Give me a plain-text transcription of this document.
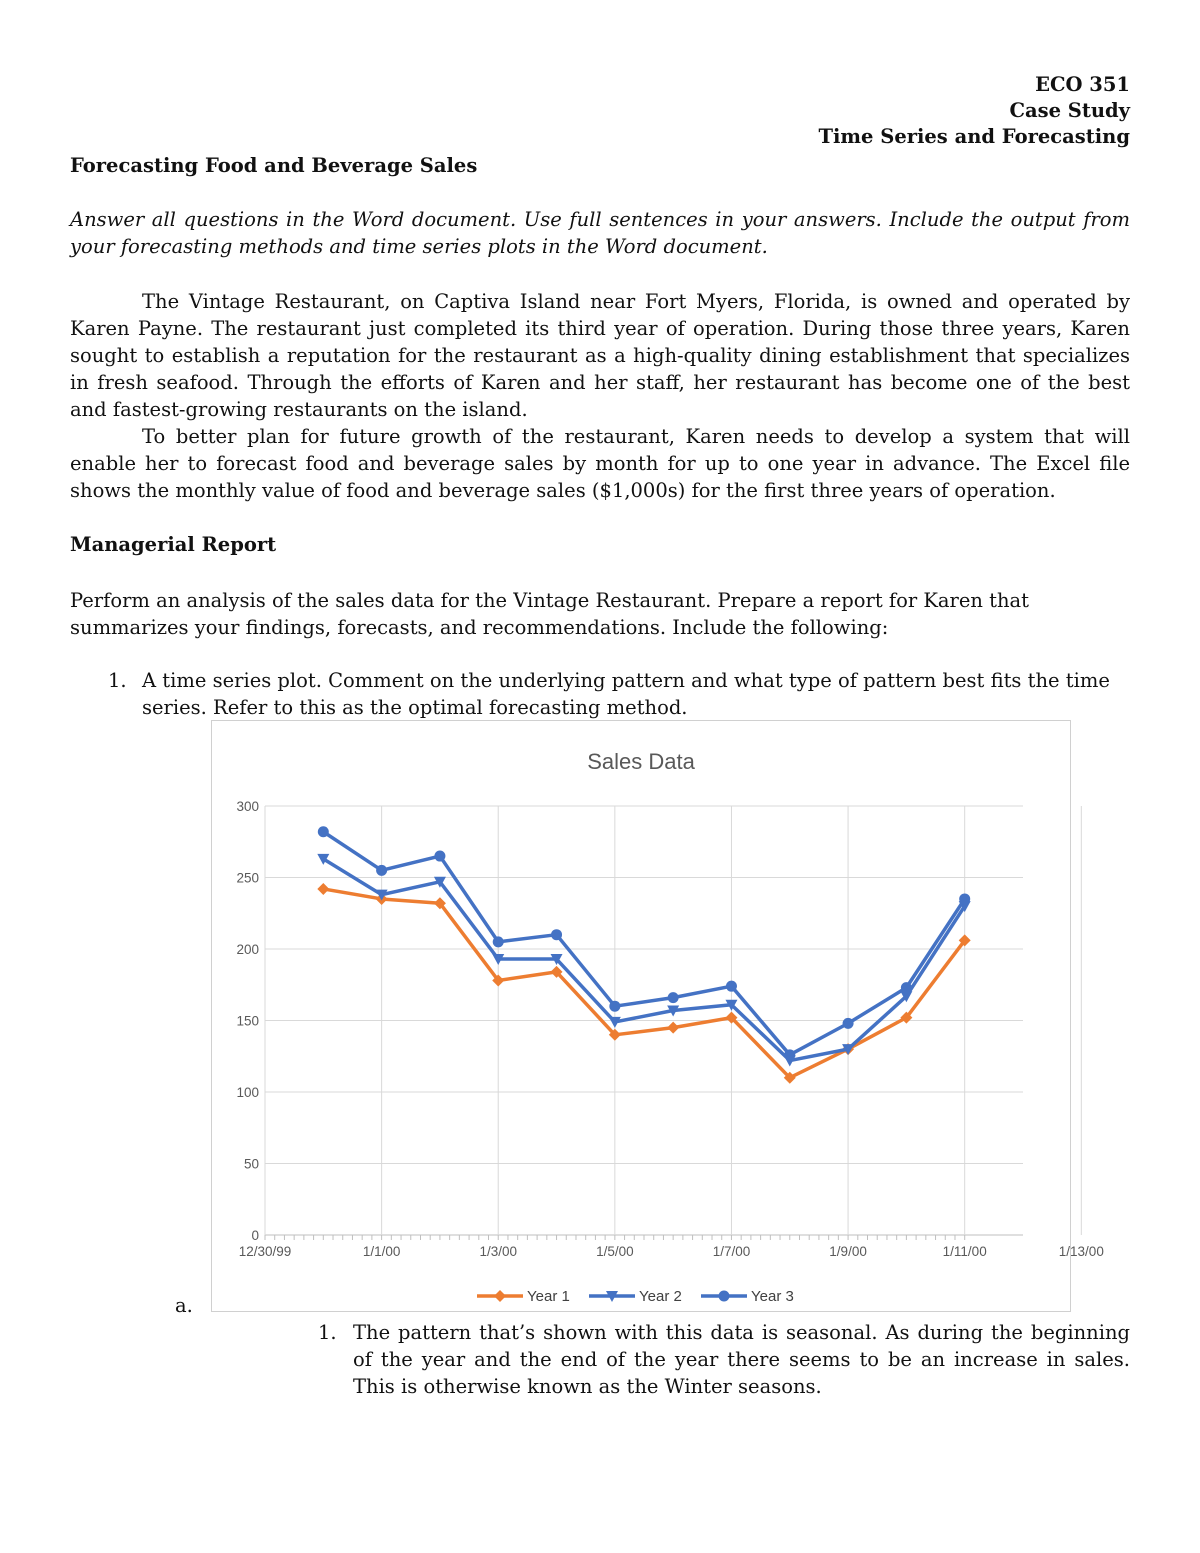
ECO 351
Case Study
Time Series and Forecasting
Forecasting Food and Beverage Sales
Answer all questions in the Word document. Use full sentences in your answers. Include the output from your forecasting methods and time series plots in the Word document.

The Vintage Restaurant, on Captiva Island near Fort Myers, Florida, is owned and operated by Karen Payne. The restaurant just completed its third year of operation. During those three years, Karen sought to establish a reputation for the restaurant as a high-quality dining establishment that specializes in fresh seafood. Through the efforts of Karen and her staff, her restaurant has become one of the best and fastest-growing restaurants on the island.

To better plan for future growth of the restaurant, Karen needs to develop a system that will enable her to forecast food and beverage sales by month for up to one year in advance. The Excel file shows the monthly value of food and beverage sales ($1,000s) for the first three years of operation.

Managerial Report
Perform an analysis of the sales data for the Vintage Restaurant. Prepare a report for Karen that summarizes your findings, forecasts, and recommendations. Include the following:
1. A time series plot. Comment on the underlying pattern and what type of pattern best fits the time series. Refer to this as the optimal forecasting method.
Sales Data
0
50
100
150
200
250
300
12/30/99	1/1/00	1/3/00	1/5/00	1/7/00	1/9/00	1/11/00	1/13/00
Year 1	Year 2	Year 3
a.
1. The pattern that’s shown with this data is seasonal. As during the beginning of the year and the end of the year there seems to be an increase in sales. This is otherwise known as the Winter seasons.
